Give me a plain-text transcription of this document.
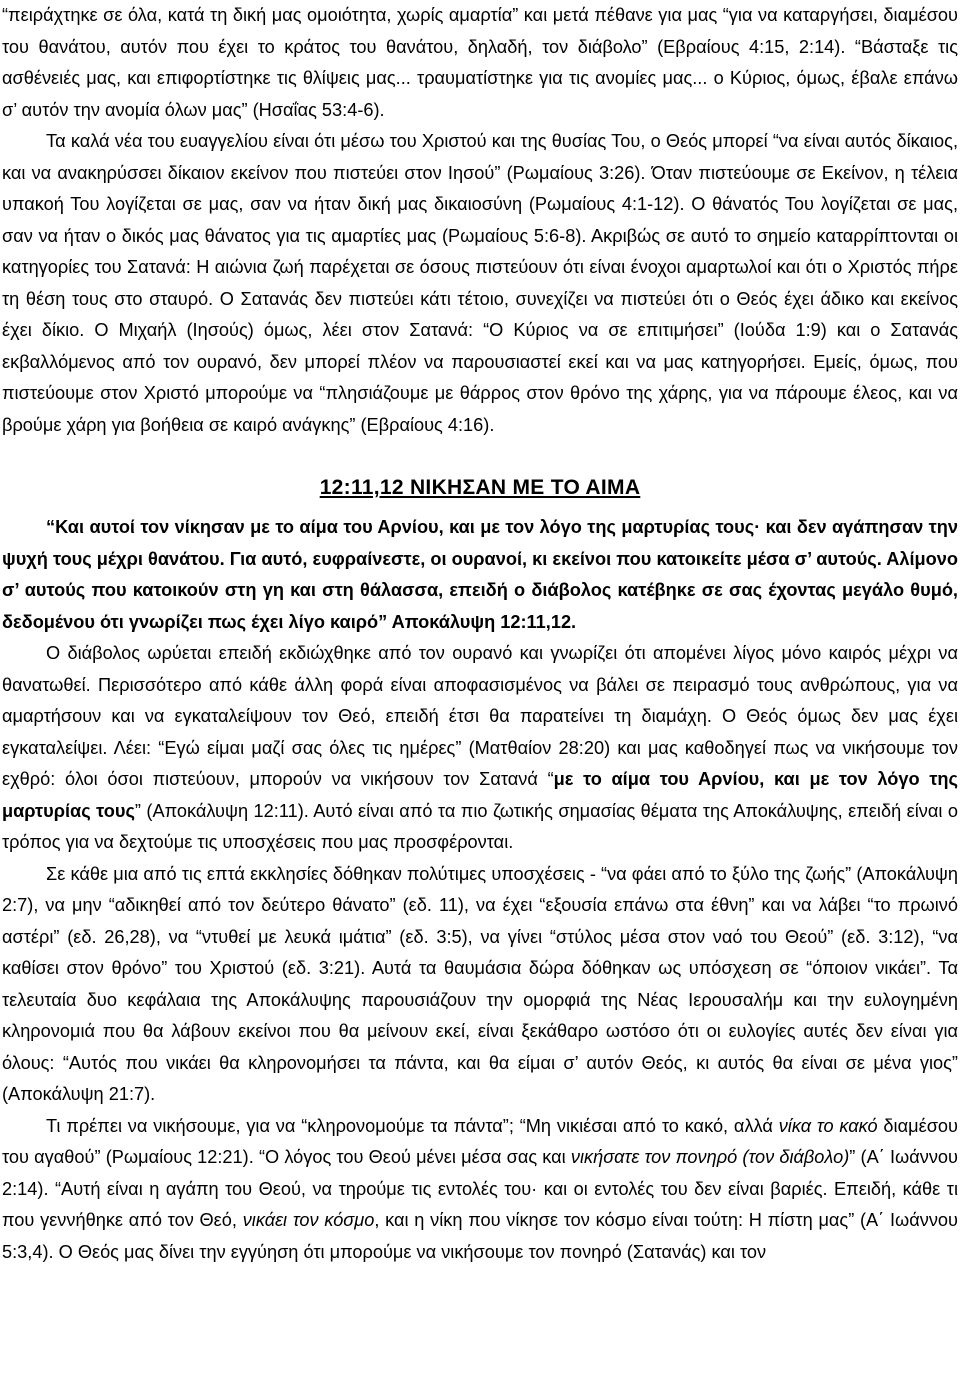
“πειράχτηκε σε όλα, κατά τη δική μας ομοιότητα, χωρίς αμαρτία” και μετά πέθανε για μας “για να καταργήσει, διαμέσου του θανάτου, αυτόν που έχει το κράτος του θανάτου, δηλαδή, τον διάβολο” (Εβραίους 4:15, 2:14). “Βάσταξε τις ασθένειές μας, και επιφορτίστηκε τις θλίψεις μας... τραυματίστηκε για τις ανομίες μας... ο Κύριος, όμως, έβαλε επάνω σ’ αυτόν την ανομία όλων μας” (Ησαΐας 53:4-6).

Τα καλά νέα του ευαγγελίου είναι ότι μέσω του Χριστού και της θυσίας Του, ο Θεός μπορεί “να είναι αυτός δίκαιος, και να ανακηρύσσει δίκαιον εκείνον που πιστεύει στον Ιησού” (Ρωμαίους 3:26). Όταν πιστεύουμε σε Εκείνον, η τέλεια υπακοή Του λογίζεται σε μας, σαν να ήταν δική μας δικαιοσύνη (Ρωμαίους 4:1-12). Ο θάνατός Του λογίζεται σε μας, σαν να ήταν ο δικός μας θάνατος για τις αμαρτίες μας (Ρωμαίους 5:6-8). Ακριβώς σε αυτό το σημείο καταρρίπτονται οι κατηγορίες του Σατανά: Η αιώνια ζωή παρέχεται σε όσους πιστεύουν ότι είναι ένοχοι αμαρτωλοί και ότι ο Χριστός πήρε τη θέση τους στο σταυρό. Ο Σατανάς δεν πιστεύει κάτι τέτοιο, συνεχίζει να πιστεύει ότι ο Θεός έχει άδικο και εκείνος έχει δίκιο. Ο Μιχαήλ (Ιησούς) όμως, λέει στον Σατανά: “Ο Κύριος να σε επιτιμήσει” (Ιούδα 1:9) και ο Σατανάς εκβαλλόμενος από τον ουρανό, δεν μπορεί πλέον να παρουσιαστεί εκεί και να μας κατηγορήσει. Εμείς, όμως, που πιστεύουμε στον Χριστό μπορούμε να “πλησιάζουμε με θάρρος στον θρόνο της χάρης, για να πάρουμε έλεος, και να βρούμε χάρη για βοήθεια σε καιρό ανάγκης” (Εβραίους 4:16).

12:11,12 ΝΙΚΗΣΑΝ ΜΕ ΤΟ ΑΙΜΑ

“Και αυτοί τον νίκησαν με το αίμα του Αρνίου, και με τον λόγο της μαρτυρίας τους· και δεν αγάπησαν την ψυχή τους μέχρι θανάτου. Για αυτό, ευφραίνεστε, οι ουρανοί, κι εκείνοι που κατοικείτε μέσα σ’ αυτούς. Αλίμονο σ’ αυτούς που κατοικούν στη γη και στη θάλασσα, επειδή ο διάβολος κατέβηκε σε σας έχοντας μεγάλο θυμό, δεδομένου ότι γνωρίζει πως έχει λίγο καιρό” Αποκάλυψη 12:11,12.

Ο διάβολος ωρύεται επειδή εκδιώχθηκε από τον ουρανό και γνωρίζει ότι απομένει λίγος μόνο καιρός μέχρι να θανατωθεί. Περισσότερο από κάθε άλλη φορά είναι αποφασισμένος να βάλει σε πειρασμό τους ανθρώπους, για να αμαρτήσουν και να εγκαταλείψουν τον Θεό, επειδή έτσι θα παρατείνει τη διαμάχη. Ο Θεός όμως δεν μας έχει εγκαταλείψει. Λέει: “Εγώ είμαι μαζί σας όλες τις ημέρες” (Ματθαίον 28:20) και μας καθοδηγεί πως να νικήσουμε τον εχθρό: όλοι όσοι πιστεύουν, μπορούν να νικήσουν τον Σατανά “με το αίμα του Αρνίου, και με τον λόγο της μαρτυρίας τους” (Αποκάλυψη 12:11). Αυτό είναι από τα πιο ζωτικής σημασίας θέματα της Αποκάλυψης, επειδή είναι ο τρόπος για να δεχτούμε τις υποσχέσεις που μας προσφέρονται.

Σε κάθε μια από τις επτά εκκλησίες δόθηκαν πολύτιμες υποσχέσεις - “να φάει από το ξύλο της ζωής” (Αποκάλυψη 2:7), να μην “αδικηθεί από τον δεύτερο θάνατο” (εδ. 11), να έχει “εξουσία επάνω στα έθνη” και να λάβει “το πρωινό αστέρι” (εδ. 26,28), να “ντυθεί με λευκά ιμάτια” (εδ. 3:5), να γίνει “στύλος μέσα στον ναό του Θεού” (εδ. 3:12), “να καθίσει στον θρόνο” του Χριστού (εδ. 3:21). Αυτά τα θαυμάσια δώρα δόθηκαν ως υπόσχεση σε “όποιον νικάει”. Τα τελευταία δυο κεφάλαια της Αποκάλυψης παρουσιάζουν την ομορφιά της Νέας Ιερουσαλήμ και την ευλογημένη κληρονομιά που θα λάβουν εκείνοι που θα μείνουν εκεί, είναι ξεκάθαρο ωστόσο ότι οι ευλογίες αυτές δεν είναι για όλους: “Αυτός που νικάει θα κληρονομήσει τα πάντα, και θα είμαι σ’ αυτόν Θεός, κι αυτός θα είναι σε μένα γιος” (Αποκάλυψη 21:7).

Τι πρέπει να νικήσουμε, για να “κληρονομούμε τα πάντα”; “Μη νικιέσαι από το κακό, αλλά νίκα το κακό διαμέσου του αγαθού” (Ρωμαίους 12:21). “Ο λόγος του Θεού μένει μέσα σας και νικήσατε τον πονηρό (τον διάβολο)” (Α΄ Ιωάννου 2:14). “Αυτή είναι η αγάπη του Θεού, να τηρούμε τις εντολές του· και οι εντολές του δεν είναι βαριές. Επειδή, κάθε τι που γεννήθηκε από τον Θεό, νικάει τον κόσμο, και η νίκη που νίκησε τον κόσμο είναι τούτη: Η πίστη μας” (Α΄ Ιωάννου 5:3,4). Ο Θεός μας δίνει την εγγύηση ότι μπορούμε να νικήσουμε τον πονηρό (Σατανάς) και τον
